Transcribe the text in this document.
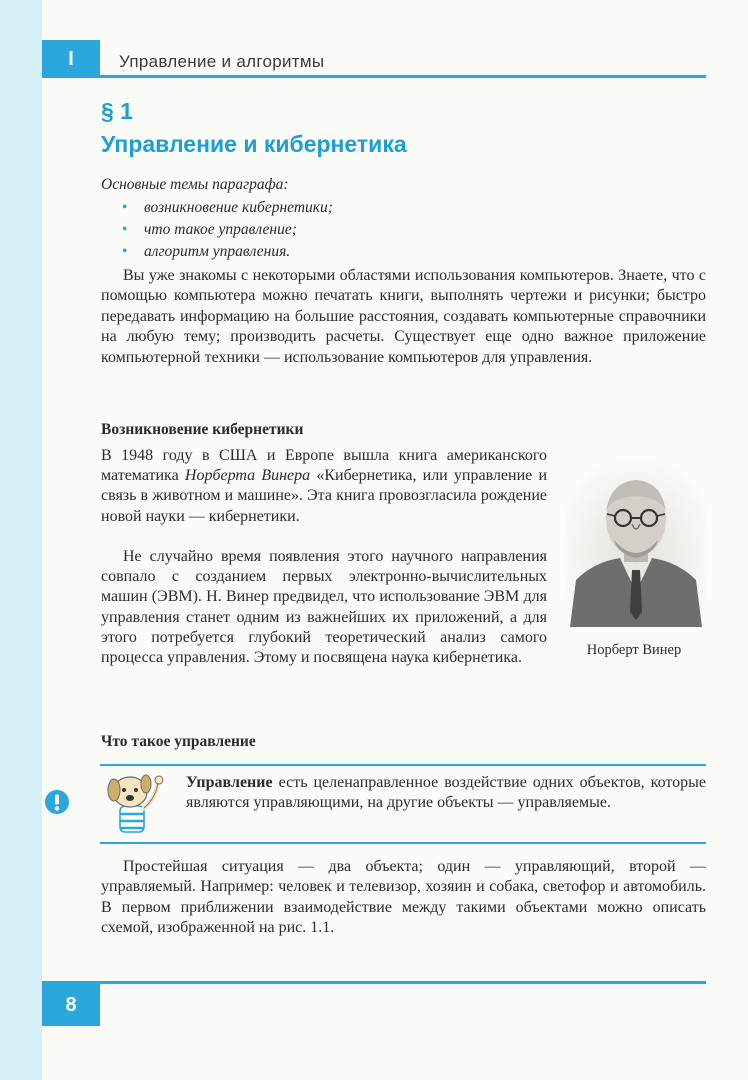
I	Управление и алгоритмы
§ 1
Управление и кибернетика
Основные темы параграфа:
• возникновение кибернетики;
• что такое управление;
• алгоритм управления.

Вы уже знакомы с некоторыми областями использования компьютеров. Знаете, что с помощью компьютера можно печатать книги, выполнять чертежи и рисунки; быстро передавать информацию на большие расстояния, создавать компьютерные справочники на любую тему; производить расчеты. Существует еще одно важное приложение компьютерной техники — использование компьютеров для управления.

Возникновение кибернетики

В 1948 году в США и Европе вышла книга американского математика Норберта Винера «Кибернетика, или управление и связь в животном и машине». Эта книга провозгласила рождение новой науки — кибернетики.

Не случайно время появления этого научного направления совпало с созданием первых электронно-вычислительных машин (ЭВМ). Н. Винер предвидел, что использование ЭВМ для управления станет одним из важнейших их приложений, а для этого потребуется глубокий теоретический анализ самого процесса управления. Этому и посвящена наука кибернетика.	Норберт Винер
Что такое управление

Управление есть целенаправленное воздействие одних объектов, которые являются управляющими, на другие объекты — управляемые.

Простейшая ситуация — два объекта; один — управляющий, второй — управляемый. Например: человек и телевизор, хозяин и собака, светофор и автомобиль. В первом приближении взаимодействие между такими объектами можно описать схемой, изображенной на рис. 1.1.

8
